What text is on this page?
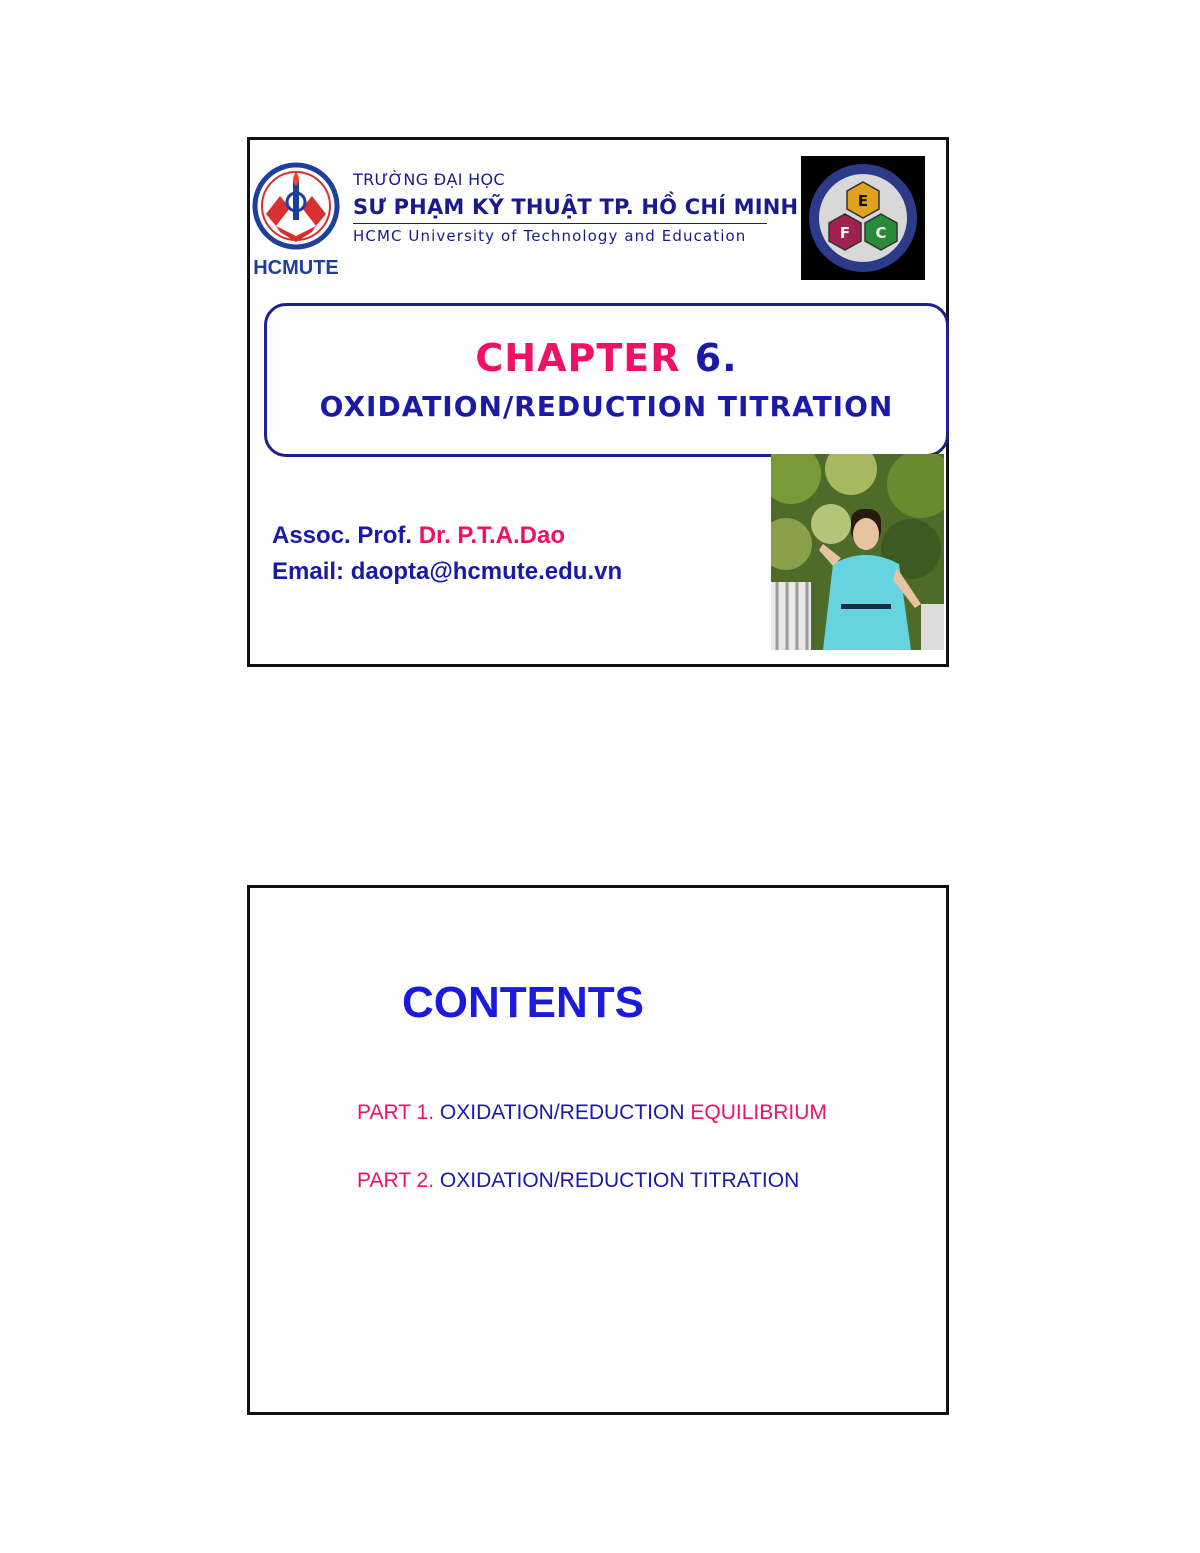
HCMUTE
TRƯỜNG ĐẠI HỌC
SƯ PHẠM KỸ THUẬT TP. HỒ CHÍ MINH
HCMC University of Technology and Education
E
F C
CHAPTER 6.
OXIDATION/REDUCTION TITRATION
Assoc. Prof. Dr. P.T.A.Dao
Email: daopta@hcmute.edu.vn
CONTENTS
PART 1. OXIDATION/REDUCTION EQUILIBRIUM
PART 2. OXIDATION/REDUCTION TITRATION
